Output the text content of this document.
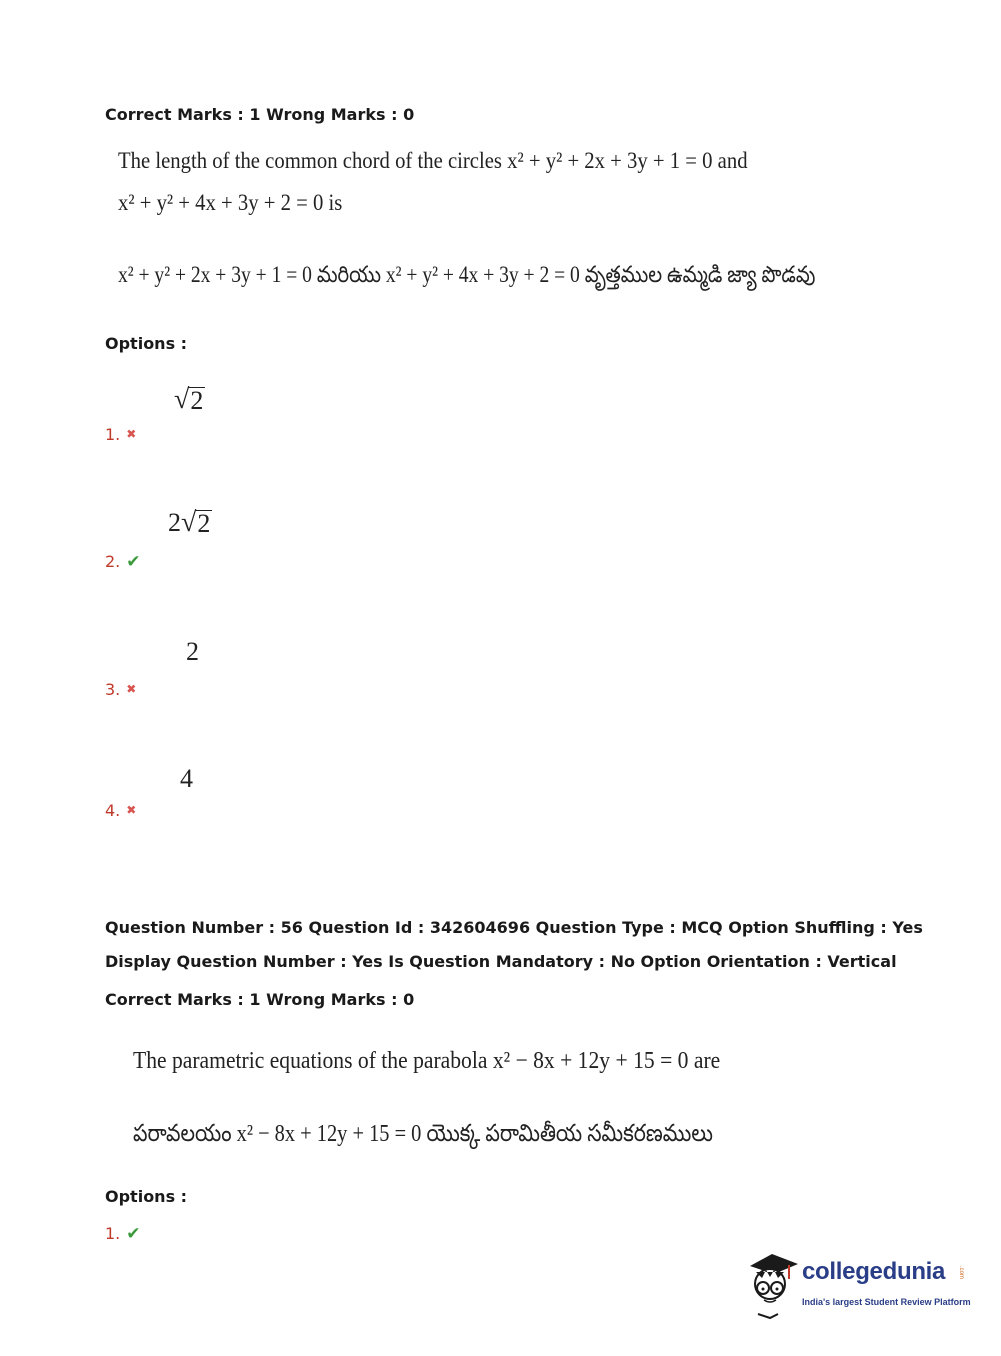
Correct Marks : 1 Wrong Marks : 0
The length of the common chord of the circles x² + y² + 2x + 3y + 1 = 0 and
x² + y² + 4x + 3y + 2 = 0 is
x² + y² + 2x + 3y + 1 = 0 మరియు x² + y² + 4x + 3y + 2 = 0 వృత్తముల ఉమ్మడి జ్యా పొడవు
Options :
√ 2
1. ✖
2 √ 2
2. ✔
2
3. ✖
4
4. ✖
Question Number : 56 Question Id : 342604696 Question Type : MCQ Option Shuffling : Yes
Display Question Number : Yes Is Question Mandatory : No Option Orientation : Vertical
Correct Marks : 1 Wrong Marks : 0
The parametric equations of the parabola x² − 8x + 12y + 15 = 0 are
పరావలయం x² − 8x + 12y + 15 = 0 యొక్క పరామితీయ సమీకరణములు
Options :
1. ✔
collegedunia
India's largest Student Review Platform
.com
